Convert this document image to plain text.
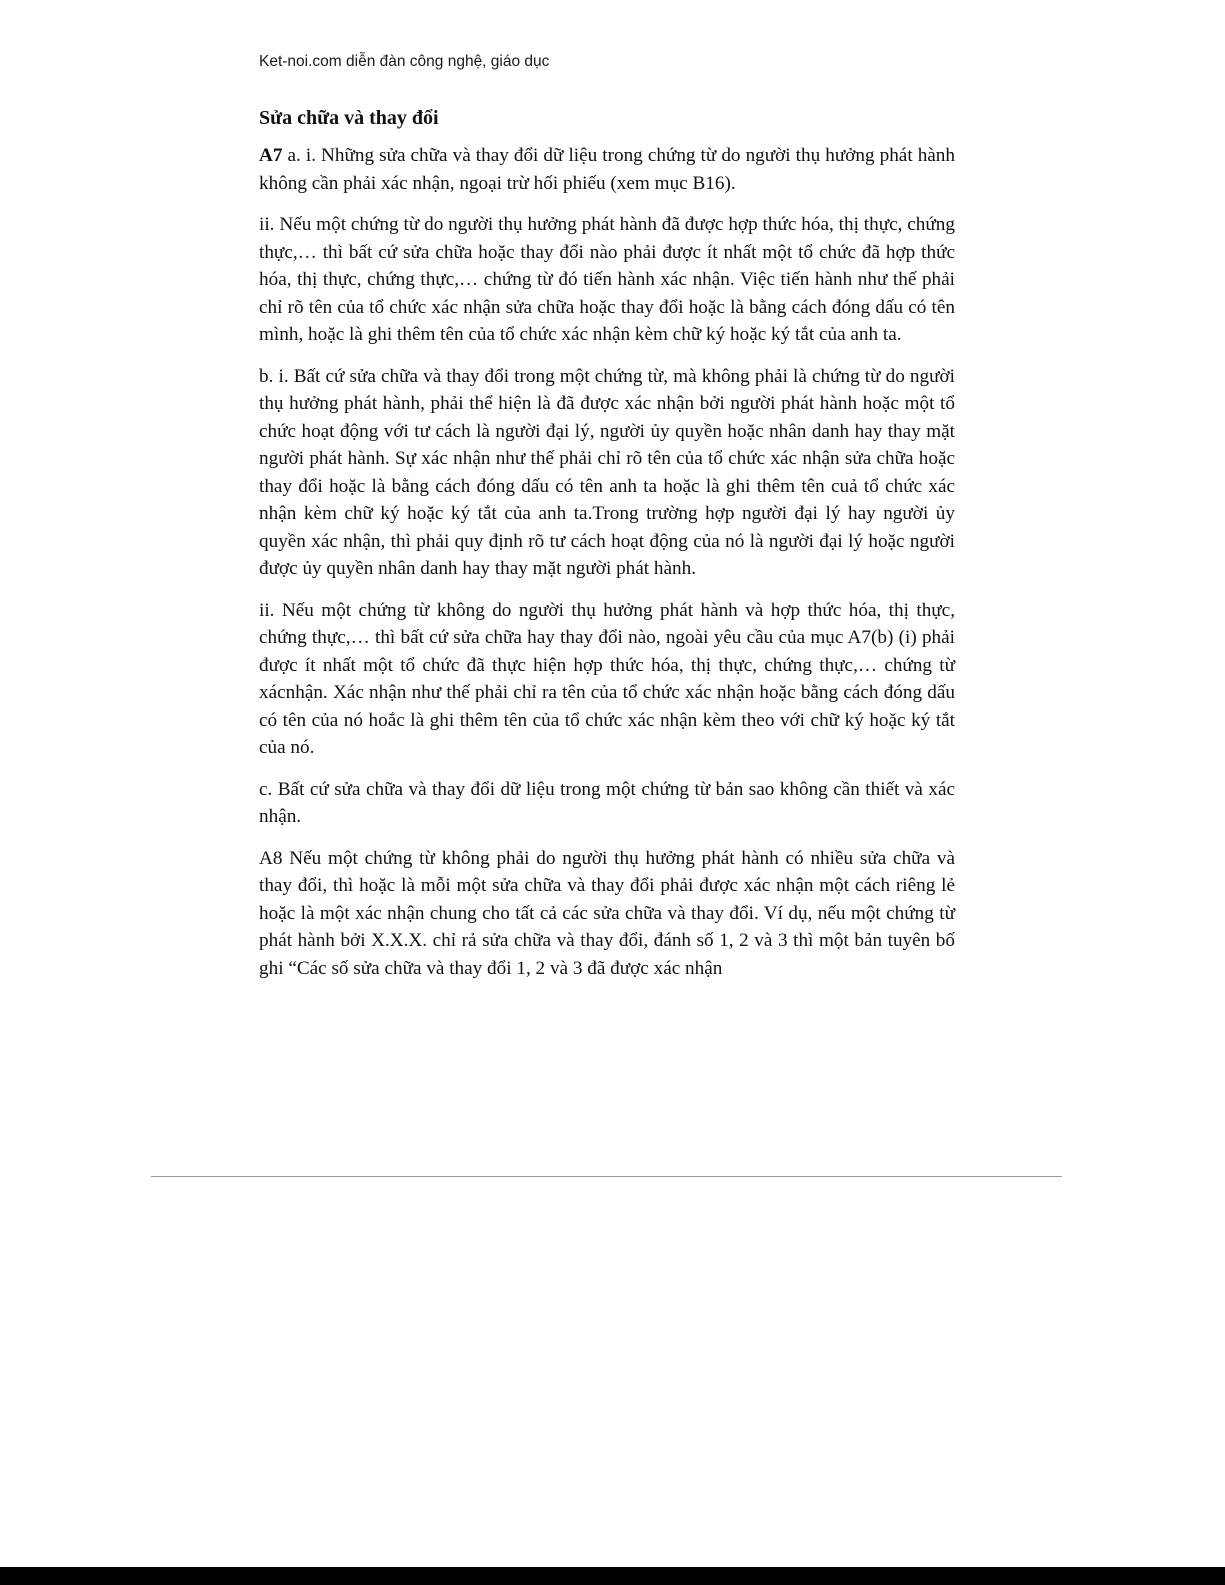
Ket-noi.com diễn đàn công nghệ, giáo dục
Sửa chữa và thay đổi

A7 a. i. Những sửa chữa và thay đổi dữ liệu trong chứng từ do người thụ hưởng phát hành không cần phải xác nhận, ngoại trừ hối phiếu (xem mục B16).

ii. Nếu một chứng từ do người thụ hưởng phát hành đã được hợp thức hóa, thị thực, chứng thực,… thì bất cứ sửa chữa hoặc thay đổi nào phải được ít nhất một tổ chức đã hợp thức hóa, thị thực, chứng thực,… chứng từ đó tiến hành xác nhận. Việc tiến hành như thế phải chỉ rõ tên của tổ chức xác nhận sửa chữa hoặc thay đổi hoặc là bằng cách đóng dấu có tên mình, hoặc là ghi thêm tên của tổ chức xác nhận kèm chữ ký hoặc ký tắt của anh ta.

b. i. Bất cứ sửa chữa và thay đổi trong một chứng từ, mà không phải là chứng từ do người thụ hưởng phát hành, phải thể hiện là đã được xác nhận bởi người phát hành hoặc một tổ chức hoạt động với tư cách là người đại lý, người ủy quyền hoặc nhân danh hay thay mặt người phát hành. Sự xác nhận như thế phải chỉ rõ tên của tổ chức xác nhận sửa chữa hoặc thay đổi hoặc là bằng cách đóng dấu có tên anh ta hoặc là ghi thêm tên cuả tổ chức xác nhận kèm chữ ký hoặc ký tắt của anh ta.Trong trường hợp người đại lý hay người ủy quyền xác nhận, thì phải quy định rõ tư cách hoạt động của nó là người đại lý hoặc người được ủy quyền nhân danh hay thay mặt người phát hành.

ii. Nếu một chứng từ không do người thụ hưởng phát hành và hợp thức hóa, thị thực, chứng thực,… thì bất cứ sửa chữa hay thay đổi nào, ngoài yêu cầu của mục A7(b) (i) phải được ít nhất một tổ chức đã thực hiện hợp thức hóa, thị thực, chứng thực,… chứng từ xácnhận. Xác nhận như thế phải chỉ ra tên của tổ chức xác nhận hoặc bằng cách đóng dấu có tên của nó hoắc là ghi thêm tên của tổ chức xác nhận kèm theo với chữ ký hoặc ký tắt của nó.

c. Bất cứ sửa chữa và thay đổi dữ liệu trong một chứng từ bản sao không cần thiết và xác nhận.

A8 Nếu một chứng từ không phải do người thụ hưởng phát hành có nhiều sửa chữa và thay đổi, thì hoặc là mỗi một sửa chữa và thay đổi phải được xác nhận một cách riêng lẻ hoặc là một xác nhận chung cho tất cả các sửa chữa và thay đổi. Ví dụ, nếu một chứng từ phát hành bởi X.X.X. chỉ rả sửa chữa và thay đổi, đánh số 1, 2 và 3 thì một bản tuyên bố ghi “Các số sửa chữa và thay đổi 1, 2 và 3 đã được xác nhận
